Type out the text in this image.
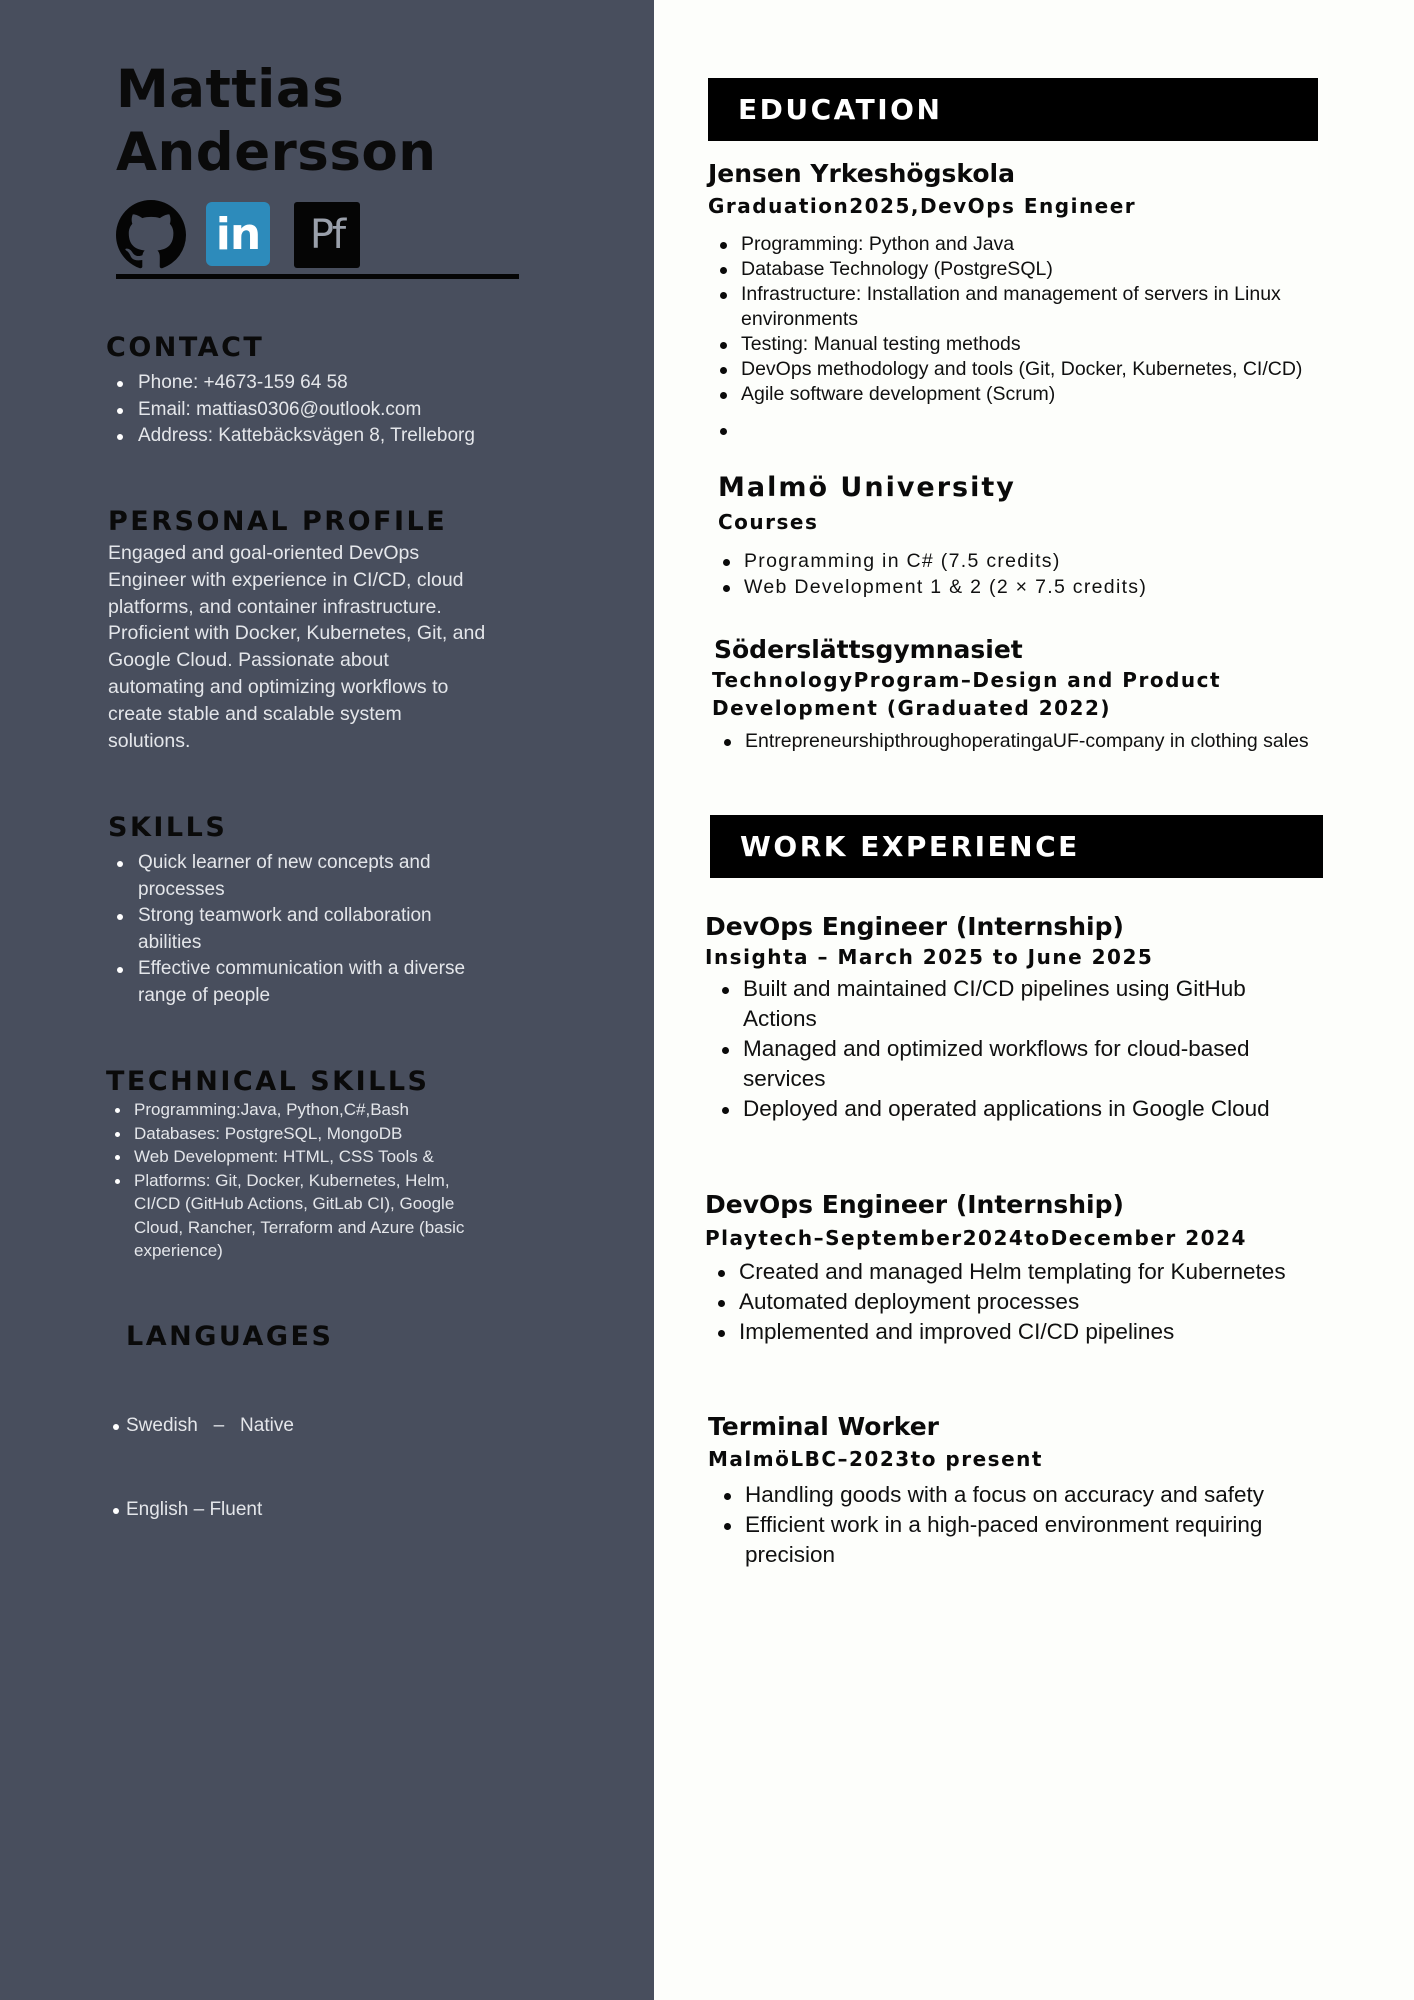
Mattias
Andersson
in	Pf
CONTACT
Phone: +4673-159 64 58
Email: mattias0306@outlook.com
Address: Kattebäcksvägen 8, Trelleborg
PERSONAL PROFILE

Engaged and goal-oriented DevOps Engineer with experience in CI/CD, cloud platforms, and container infrastructure. Proficient with Docker, Kubernetes, Git, and Google Cloud. Passionate about automating and optimizing workflows to create stable and scalable system solutions.

SKILLS
Quick learner of new concepts and processes
Strong teamwork and collaboration abilities
Effective communication with a diverse range of people
TECHNICAL SKILLS
Programming:Java, Python,C#,Bash
Databases: PostgreSQL, MongoDB
Web Development: HTML, CSS Tools &
Platforms: Git, Docker, Kubernetes, Helm, CI/CD (GitHub Actions, GitLab CI), Google Cloud, Rancher, Terraform and Azure (basic experience)
LANGUAGES

Swedish   –   Native

English – Fluent

EDUCATION
Jensen Yrkeshögskola

Graduation2025,DevOps Engineer

Programming: Python and Java
Database Technology (PostgreSQL)
Infrastructure: Installation and management of servers in Linux environments
Testing: Manual testing methods
DevOps methodology and tools (Git, Docker, Kubernetes, CI/CD)
Agile software development (Scrum)
Malmö University

Courses

Programming in C# (7.5 credits)
Web Development 1 & 2 (2 × 7.5 credits)
Söderslättsgymnasiet

TechnologyProgram–Design and Product Development (Graduated 2022)

EntrepreneurshipthroughoperatingaUF-company in clothing sales
WORK EXPERIENCE
DevOps Engineer (Internship)

Insighta – March 2025 to June 2025

Built and maintained CI/CD pipelines using GitHub Actions
Managed and optimized workflows for cloud-based services
Deployed and operated applications in Google Cloud
DevOps Engineer (Internship)

Playtech–September2024toDecember 2024

Created and managed Helm templating for Kubernetes
Automated deployment processes
Implemented and improved CI/CD pipelines
Terminal Worker

MalmöLBC–2023to present

Handling goods with a focus on accuracy and safety
Efficient work in a high-paced environment requiring precision
